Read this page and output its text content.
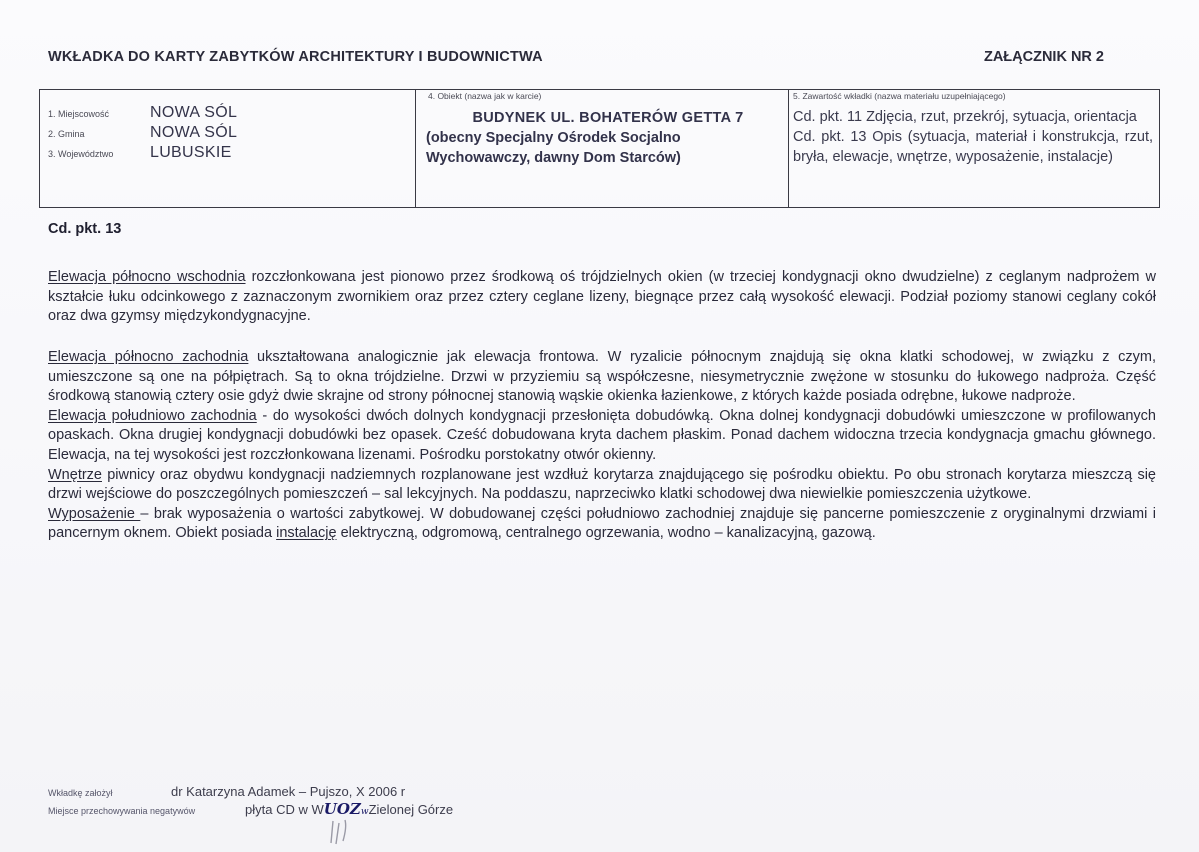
WKŁADKA DO KARTY ZABYTKÓW ARCHITEKTURY I BUDOWNICTWA	ZAŁĄCZNIK NR 2
1. Miejscowość	NOWA SÓL
2. Gmina	NOWA SÓL
3. Województwo	LUBUSKIE
4. Obiekt (nazwa jak w karcie)
BUDYNEK UL. BOHATERÓW GETTA 7
(obecny Specjalny Ośrodek Socjalno Wychowawczy, dawny Dom Starców)
5. Zawartość wkładki (nazwa materiału uzupełniającego)
Cd. pkt. 11 Zdjęcia, rzut, przekrój, sytuacja, orientacja
Cd. pkt. 13 Opis (sytuacja, materiał i konstrukcja, rzut, bryła, elewacje, wnętrze, wyposażenie, instalacje)
Cd. pkt. 13
Elewacja północno wschodnia rozczłonkowana jest pionowo przez środkową oś trójdzielnych okien (w trzeciej kondygnacji okno dwudzielne) z ceglanym nadprożem w kształcie łuku odcinkowego z zaznaczonym zwornikiem oraz przez cztery ceglane lizeny, biegnące przez całą wysokość elewacji. Podział poziomy stanowi ceglany cokół oraz dwa gzymsy międzykondygnacyjne.
Elewacja północno zachodnia ukształtowana analogicznie jak elewacja frontowa. W ryzalicie północnym znajdują się okna klatki schodowej, w związku z czym, umieszczone są one na półpiętrach. Są to okna trójdzielne. Drzwi w przyziemiu są współczesne, niesymetrycznie zwężone w stosunku do łukowego nadproża. Część środkową stanowią cztery osie gdyż dwie skrajne od strony północnej stanowią wąskie okienka łazienkowe, z których każde posiada odrębne, łukowe nadproże.
Elewacja południowo zachodnia - do wysokości dwóch dolnych kondygnacji przesłonięta dobudówką. Okna dolnej kondygnacji dobudówki umieszczone w profilowanych opaskach. Okna drugiej kondygnacji dobudówki bez opasek. Cześć dobudowana kryta dachem płaskim. Ponad dachem widoczna trzecia kondygnacja gmachu głównego. Elewacja, na tej wysokości jest rozczłonkowana lizenami. Pośrodku porstokatny otwór okienny.
Wnętrze piwnicy oraz obydwu kondygnacji nadziemnych rozplanowane jest wzdłuż korytarza znajdującego się pośrodku obiektu. Po obu stronach korytarza mieszczą się drzwi wejściowe do poszczególnych pomieszczeń – sal lekcyjnych. Na poddaszu, naprzeciwko klatki schodowej dwa niewielkie pomieszczenia użytkowe.
Wyposażenie – brak wyposażenia o wartości zabytkowej. W dobudowanej części południowo zachodniej znajduje się pancerne pomieszczenie z oryginalnymi drzwiami i pancernym oknem. Obiekt posiada instalację elektryczną, odgromową, centralnego ogrzewania, wodno – kanalizacyjną, gazową.
Wkładkę założył	dr Katarzyna Adamek – Pujszo, X 2006 r
Miejsce przechowywania negatywów	płyta CD w W UOZ w Zielonej Górze
